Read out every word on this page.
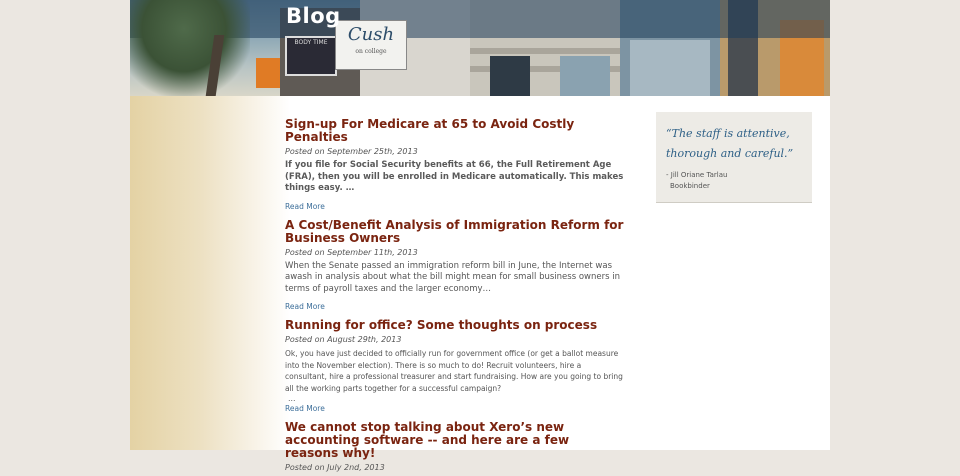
BODY TIME	Cush
on college
Blog
Sign-up For Medicare at 65 to Avoid Costly Penalties
Posted on September 25th, 2013

If you file for Social Security benefits at 66, the Full Retirement Age (FRA), then you will be enrolled in Medicare automatically. This makes things easy. …

Read More
A Cost/Benefit Analysis of Immigration Reform for Business Owners
Posted on September 11th, 2013

When the Senate passed an immigration reform bill in June, the Internet was awash in analysis about what the bill might mean for small business owners in terms of payroll taxes and the larger economy…

Read More
Running for office? Some thoughts on process
Posted on August 29th, 2013

Ok, you have just decided to officially run for government office (or get a ballot measure into the November election). There is so much to do! Recruit volunteers, hire a consultant, hire a professional treasurer and start fundraising. How are you going to bring all the working parts together for a successful campaign?

…
Read More
We cannot stop talking about Xero’s new accounting software -- and here are a few reasons why!
Posted on July 2nd, 2013
“The staff is attentive, thorough and careful.”
- Jill Oriane Tarlau
Bookbinder
